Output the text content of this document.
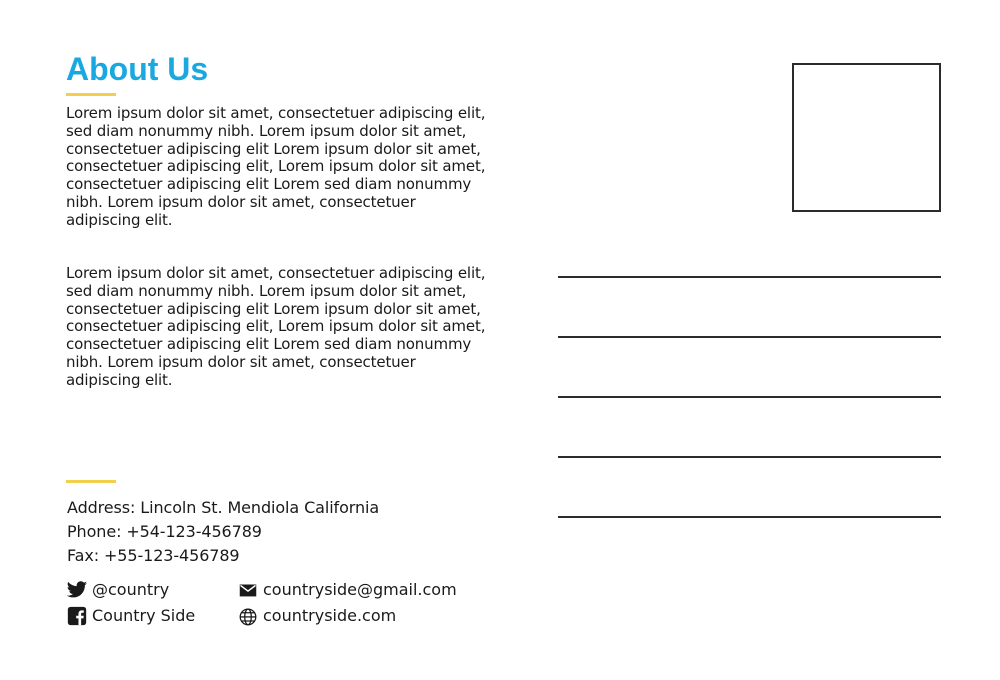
About Us

Lorem ipsum dolor sit amet, consectetuer adipiscing elit, sed diam nonummy nibh. Lorem ipsum dolor sit amet, consectetuer adipiscing elit Lorem ipsum dolor sit amet, consectetuer adipiscing elit, Lorem ipsum dolor sit amet, consectetuer adipiscing elit Lorem sed diam nonummy nibh. Lorem ipsum dolor sit amet, consectetuer adipiscing elit.

Lorem ipsum dolor sit amet, consectetuer adipiscing elit, sed diam nonummy nibh. Lorem ipsum dolor sit amet, consectetuer adipiscing elit Lorem ipsum dolor sit amet, consectetuer adipiscing elit, Lorem ipsum dolor sit amet, consectetuer adipiscing elit Lorem sed diam nonummy nibh. Lorem ipsum dolor sit amet, consectetuer adipiscing elit.

Address: Lincoln St. Mendiola California
Phone: +54-123-456789
Fax: +55-123-456789
@country
Country Side
countryside@gmail.com
countryside.com
